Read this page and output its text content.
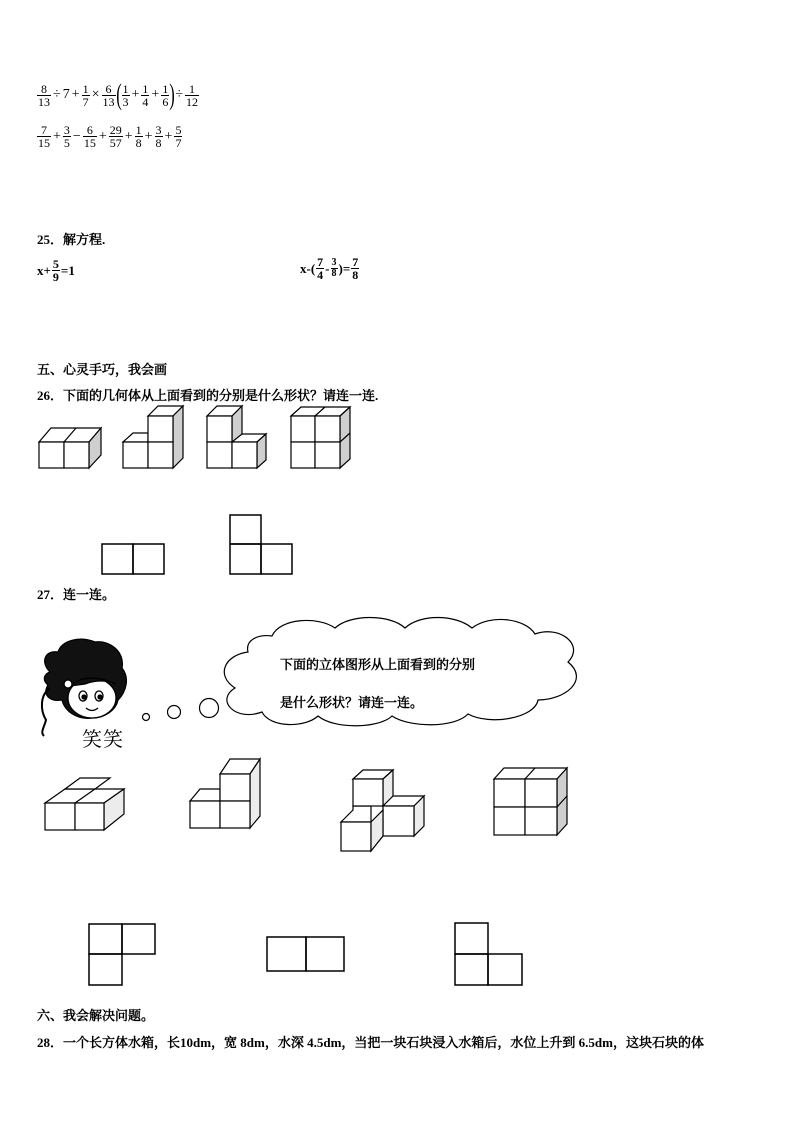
$\frac{8}{13} \div 7 + \frac{1}{7} \times \frac{6}{13}$ ( $\frac{1}{3} + \frac{1}{4} + \frac{1}{6}$ ) ÷ $\frac{1}{12}$
$\frac{7}{15} + \frac{3}{5} - \frac{6}{15} + \frac{29}{57} + \frac{1}{8} + \frac{3}{8} + \frac{5}{7}$
25．解方程.
$x+ \frac{5}{9} =1$	$x-( \frac{7}{4} - \frac{3}{8}$ )= $\frac{7}{8}$
五、心灵手巧，我会画
26．下面的几何体从上面看到的分别是什么形状？请连一连.
27．连一连。
笑笑
下面的立体图形从上面看到的分别
是什么形状？请连一连。
六、我会解决问题。
28．一个长方体水箱，长10dm，宽 8dm，水深 4.5dm，当把一块石块浸入水箱后，水位上升到 6.5dm，这块石块的体
